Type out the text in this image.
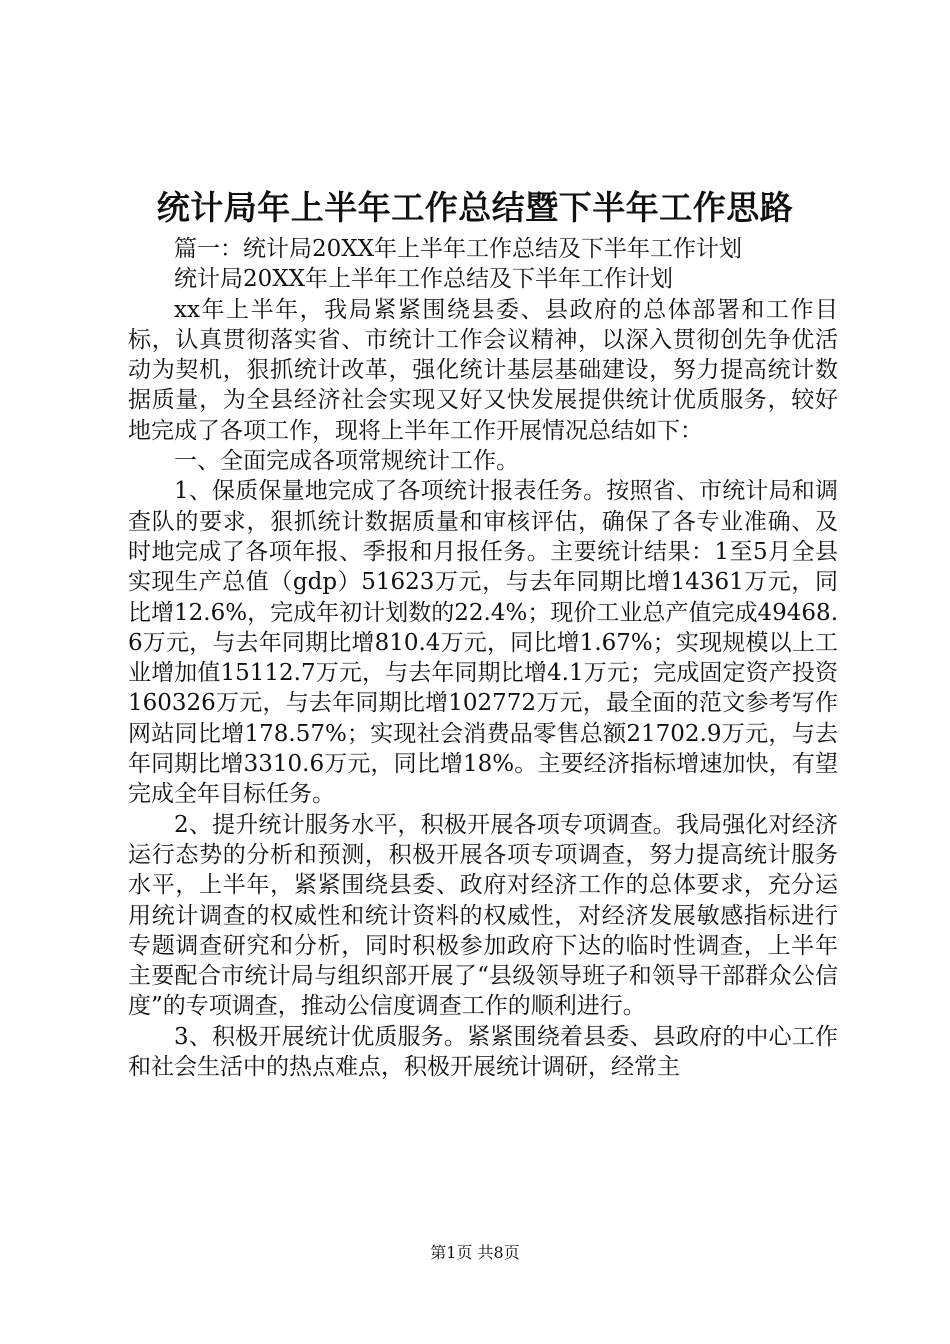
统计局年上半年工作总结暨下半年工作思路

篇一：统计局20XX年上半年工作总结及下半年工作计划

统计局20XX年上半年工作总结及下半年工作计划

xx年上半年，我局紧紧围绕县委、县政府的总体部署和工作目标，认真贯彻落实省、市统计工作会议精神，以深入贯彻创先争优活动为契机，狠抓统计改革，强化统计基层基础建设，努力提高统计数据质量，为全县经济社会实现又好又快发展提供统计优质服务，较好地完成了各项工作，现将上半年工作开展情况总结如下：

一、全面完成各项常规统计工作。

1、保质保量地完成了各项统计报表任务。按照省、市统计局和调查队的要求，狠抓统计数据质量和审核评估，确保了各专业准确、及时地完成了各项年报、季报和月报任务。主要统计结果：1至5月全县实现生产总值（gdp）51623万元，与去年同期比增14361万元，同比增12.6%，完成年初计划数的22.4%；现价工业总产值完成49468.6万元，与去年同期比增810.4万元，同比增1.67%；实现规模以上工业增加值15112.7万元，与去年同期比增4.1万元；完成固定资产投资160326万元，与去年同期比增102772万元，最全面的范文参考写作网站同比增178.57%；实现社会消费品零售总额21702.9万元，与去年同期比增3310.6万元，同比增18%。主要经济指标增速加快，有望完成全年目标任务。

2、提升统计服务水平，积极开展各项专项调查。我局强化对经济运行态势的分析和预测，积极开展各项专项调查，努力提高统计服务水平，上半年，紧紧围绕县委、政府对经济工作的总体要求，充分运用统计调查的权威性和统计资料的权威性，对经济发展敏感指标进行专题调查研究和分析，同时积极参加政府下达的临时性调查，上半年主要配合市统计局与组织部开展了“县级领导班子和领导干部群众公信度”的专项调查，推动公信度调查工作的顺利进行。

3、积极开展统计优质服务。紧紧围绕着县委、县政府的中心工作和社会生活中的热点难点，积极开展统计调研，经常主

第1页 共8页
